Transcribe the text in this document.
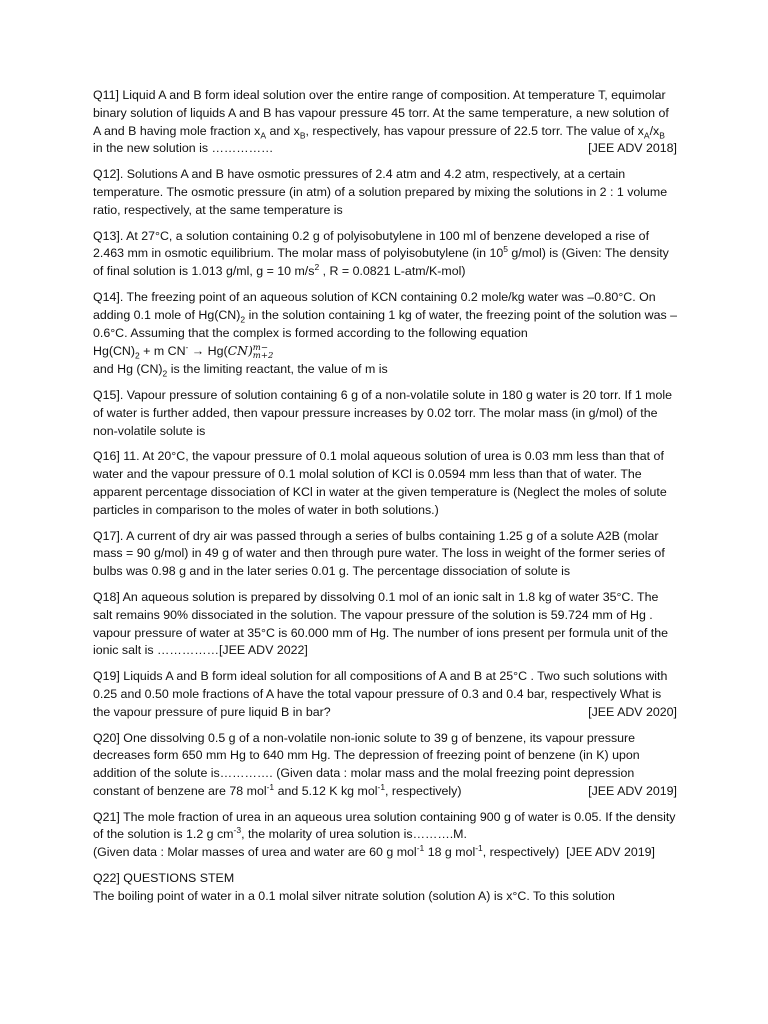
Q11] Liquid A and B form ideal solution over the entire range of composition. At temperature T, equimolar binary solution of liquids A and B has vapour pressure 45 torr. At the same temperature, a new solution of A and B having mole fraction $x_A$ and $x_B$, respectively, has vapour pressure of 22.5 torr. The value of $x_A/x_B$ in the new solution is ……………	[JEE ADV 2018]

Q12]. Solutions A and B have osmotic pressures of 2.4 atm and 4.2 atm, respectively, at a certain temperature. The osmotic pressure (in atm) of a solution prepared by mixing the solutions in 2 : 1 volume ratio, respectively, at the same temperature is

Q13]. At 27°C, a solution containing 0.2 g of polyisobutylene in 100 ml of benzene developed a rise of 2.463 mm in osmotic equilibrium. The molar mass of polyisobutylene (in $10^5$ g/mol) is (Given: The density of final solution is 1.013 g/ml, g = 10 $m/s^2$ , R = 0.0821 L-atm/K-mol)

Q14]. The freezing point of an aqueous solution of KCN containing 0.2 mole/kg water was –0.80°C. On adding 0.1 mole of $Hg(CN)_2$ in the solution containing 1 kg of water, the freezing point of the solution was –0.6°C. Assuming that the complex is formed according to the following equation
$Hg(CN)_2 + m$ CN- → Hg(CN) m−
m+2
and Hg $(CN)_2$ is the limiting reactant, the value of m is

Q15]. Vapour pressure of solution containing 6 g of a non-volatile solute in 180 g water is 20 torr. If 1 mole of water is further added, then vapour pressure increases by 0.02 torr. The molar mass (in g/mol) of the non-volatile solute is

Q16] 11. At 20°C, the vapour pressure of 0.1 molal aqueous solution of urea is 0.03 mm less than that of water and the vapour pressure of 0.1 molal solution of KCl is 0.0594 mm less than that of water. The apparent percentage dissociation of KCl in water at the given temperature is (Neglect the moles of solute particles in comparison to the moles of water in both solutions.)

Q17]. A current of dry air was passed through a series of bulbs containing 1.25 g of a solute A2B (molar mass = 90 g/mol) in 49 g of water and then through pure water. The loss in weight of the former series of bulbs was 0.98 g and in the later series 0.01 g. The percentage dissociation of solute is

Q18] An aqueous solution is prepared by dissolving 0.1 mol of an ionic salt in 1.8 kg of water 35°C. The salt remains 90% dissociated in the solution. The vapour pressure of the solution is 59.724 mm of Hg . vapour pressure of water at 35°C is 60.000 mm of Hg. The number of ions present per formula unit of the ionic salt is ……………[JEE ADV 2022]

Q19] Liquids A and B form ideal solution for all compositions of A and B at 25°C . Two such solutions with 0.25 and 0.50 mole fractions of A have the total vapour pressure of 0.3 and 0.4 bar, respectively What is the vapour pressure of pure liquid B in bar?	[JEE ADV 2020]

Q20] One dissolving 0.5 g of a non-volatile non-ionic solute to 39 g of benzene, its vapour pressure decreases form 650 mm Hg to 640 mm Hg. The depression of freezing point of benzene (in K) upon addition of the solute is…………. (Given data : molar mass and the molal freezing point depression constant of benzene are 78 mol$^{-1}$ and 5.12 K kg mol$^{-1}$, respectively)	[JEE ADV 2019]

Q21] The mole fraction of urea in an aqueous urea solution containing 900 g of water is 0.05. If the density of the solution is 1.2 g $cm^{-3}$, the molarity of urea solution is……….M.
(Given data : Molar masses of urea and water are 60 g mol$^{-1}$ 18 g mol$^{-1}$, respectively) [JEE ADV 2019]

Q22] QUESTIONS STEM
The boiling point of water in a 0.1 molal silver nitrate solution (solution A) is x°C. To this solution
